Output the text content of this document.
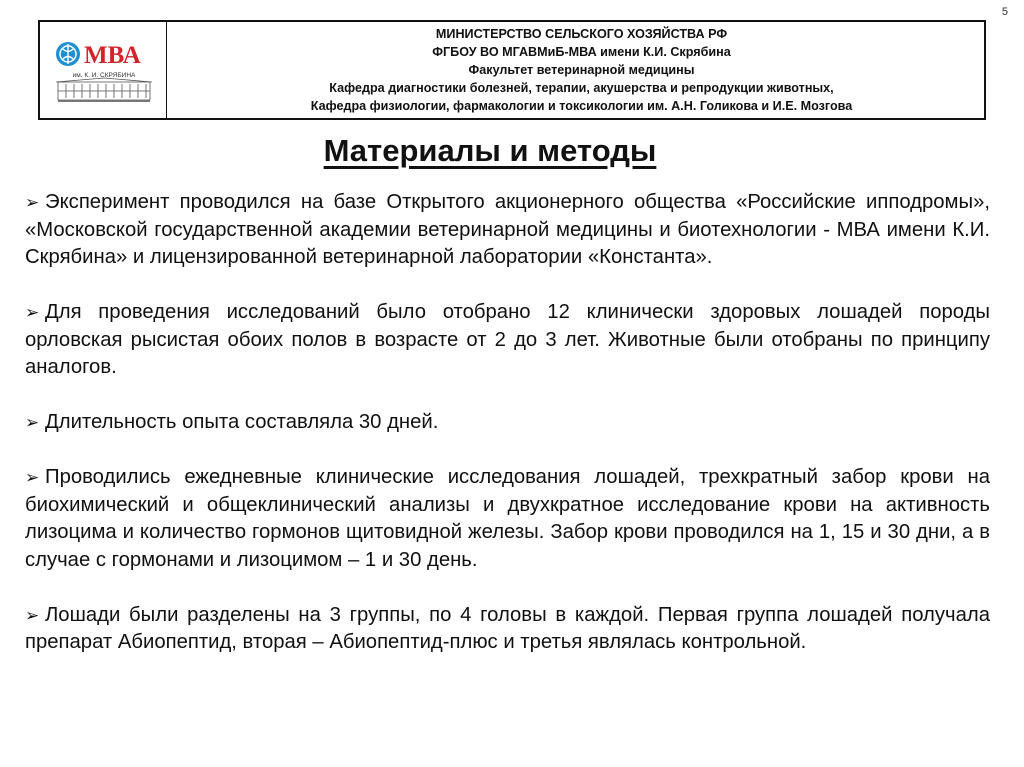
5
МВА
им. К. И. СКРЯБИНА
МИНИСТЕРСТВО СЕЛЬСКОГО ХОЗЯЙСТВА РФ
ФГБОУ ВО МГАВМиБ-МВА имени К.И. Скрябина
Факультет ветеринарной медицины
Кафедра диагностики болезней, терапии, акушерства и репродукции животных,
Кафедра физиологии, фармакологии и токсикологии им. А.Н. Голикова и И.Е. Мозгова
Материалы и методы

➢ Эксперимент проводился на базе Открытого акционерного общества «Российские ипподромы», «Московской государственной академии ветеринарной медицины и биотехнологии - МВА имени К.И. Скрябина» и лицензированной ветеринарной лаборатории «Константа».

➢ Для проведения исследований было отобрано 12 клинически здоровых лошадей породы орловская рысистая обоих полов в возрасте от 2 до 3 лет. Животные были отобраны по принципу аналогов.

➢ Длительность опыта составляла 30 дней.

➢ Проводились ежедневные клинические исследования лошадей, трехкратный забор крови на биохимический и общеклинический анализы и двухкратное исследование крови на активность лизоцима и количество гормонов щитовидной железы. Забор крови проводился на 1, 15 и 30 дни, а в случае с гормонами и лизоцимом – 1 и 30 день.

➢ Лошади были разделены на 3 группы, по 4 головы в каждой. Первая группа лошадей получала препарат Абиопептид, вторая – Абиопептид-плюс и третья являлась контрольной.
